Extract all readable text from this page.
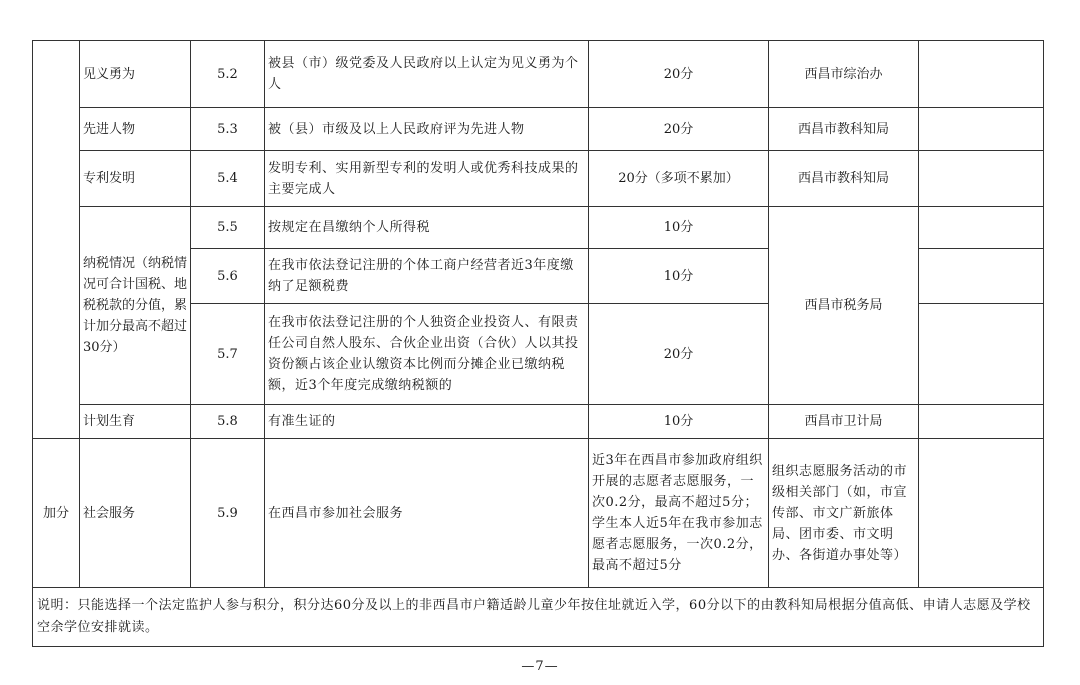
	见义勇为	5.2	被县（市）级党委及人民政府以上认定为见义勇为个人	20分	西昌市综治办	
	先进人物	5.3	被（县）市级及以上人民政府评为先进人物	20分	西昌市教科知局	
	专利发明	5.4	发明专利、实用新型专利的发明人或优秀科技成果的主要完成人	20分（多项不累加）	西昌市教科知局	
	纳税情况（纳税情况可合计国税、地税税款的分值，累计加分最高不超过30分）	5.5	按规定在昌缴纳个人所得税	10分	西昌市税务局	
		5.6	在我市依法登记注册的个体工商户经营者近3年度缴纳了足额税费	10分		
		5.7	在我市依法登记注册的个人独资企业投资人、有限责任公司自然人股东、合伙企业出资（合伙）人以其投资份额占该企业认缴资本比例而分摊企业已缴纳税额，近3个年度完成缴纳税额的	20分		
	计划生育	5.8	有准生证的	10分	西昌市卫计局	
加分	社会服务	5.9	在西昌市参加社会服务	近3年在西昌市参加政府组织开展的志愿者志愿服务，一次0.2分，最高不超过5分；学生本人近5年在我市参加志愿者志愿服务，一次0.2分，最高不超过5分	组织志愿服务活动的市级相关部门（如，市宣传部、市文广新旅体局、团市委、市文明办、各街道办事处等）	
说明：只能选择一个法定监护人参与积分，积分达60分及以上的非西昌市户籍适龄儿童少年按住址就近入学，60分以下的由教科知局根据分值高低、申请人志愿及学校空余学位安排就读。						
—7—
